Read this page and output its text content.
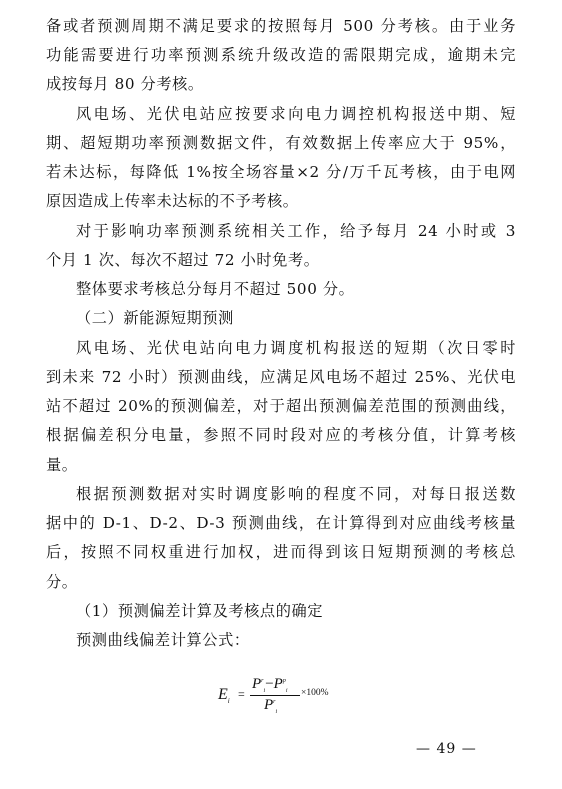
备或者预测周期不满足要求的按照每月 500 分考核。由于业务
功能需要进行功率预测系统升级改造的需限期完成，逾期未完
成按每月 80 分考核。
风电场、光伏电站应按要求向电力调控机构报送中期、短
期、超短期功率预测数据文件，有效数据上传率应大于 95%，
若未达标，每降低 1%按全场容量×2 分/万千瓦考核，由于电网
原因造成上传率未达标的不予考核。
对于影响功率预测系统相关工作，给予每月 24 小时或 3
个月 1 次、每次不超过 72 小时免考。
整体要求考核总分每月不超过 500 分。
（二）新能源短期预测
风电场、光伏电站向电力调度机构报送的短期（次日零时
到未来 72 小时）预测曲线，应满足风电场不超过 25%、光伏电
站不超过 20%的预测偏差，对于超出预测偏差范围的预测曲线，
根据偏差积分电量，参照不同时段对应的考核分值，计算考核
量。
根据预测数据对实时调度影响的程度不同，对每日报送数
据中的 D-1、D-2、D-3 预测曲线，在计算得到对应曲线考核量
后，按照不同权重进行加权，进而得到该日短期预测的考核总
分。
（1）预测偏差计算及考核点的确定
预测曲线偏差计算公式：
$E_i$
=
$P^r_i-P^p_i$
$P^r_i$
×100%
— 49 —
